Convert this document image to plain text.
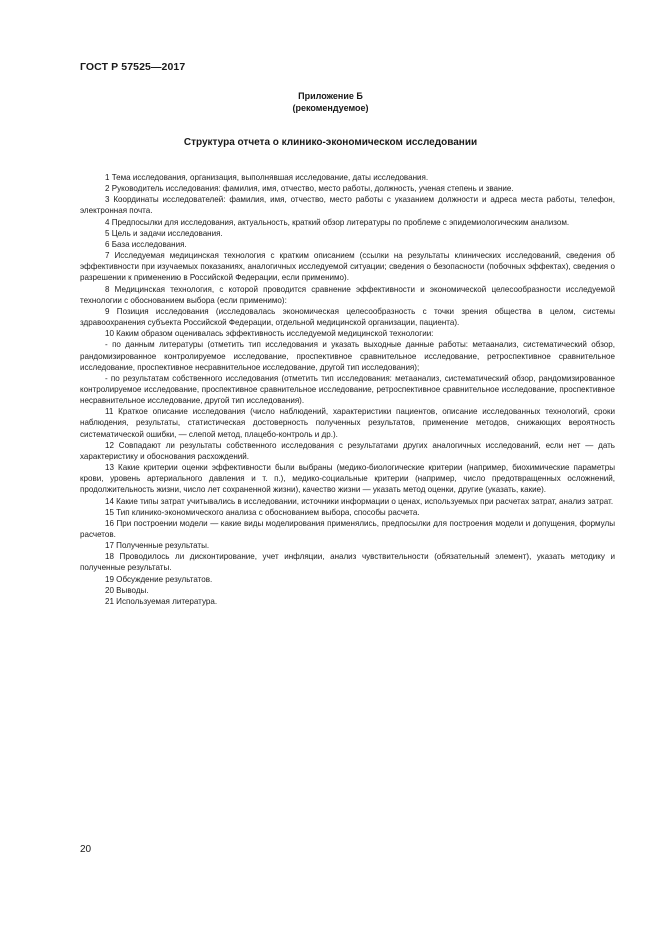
ГОСТ Р 57525—2017
Приложение Б
(рекомендуемое)
Структура отчета о клинико-экономическом исследовании

1 Тема исследования, организация, выполнявшая исследование, даты исследования.

2 Руководитель исследования: фамилия, имя, отчество, место работы, должность, ученая степень и звание.

3 Координаты исследователей: фамилия, имя, отчество, место работы с указанием должности и адреса места работы, телефон, электронная почта.

4 Предпосылки для исследования, актуальность, краткий обзор литературы по проблеме с эпидемиологическим анализом.

5 Цель и задачи исследования.

6 База исследования.

7 Исследуемая медицинская технология с кратким описанием (ссылки на результаты клинических исследований, сведения об эффективности при изучаемых показаниях, аналогичных исследуемой ситуации; сведения о безопасности (побочных эффектах), сведения о разрешении к применению в Российской Федерации, если применимо).

8 Медицинская технология, с которой проводится сравнение эффективности и экономической целесообразности исследуемой технологии с обоснованием выбора (если применимо):

9 Позиция исследования (исследовалась экономическая целесообразность с точки зрения общества в целом, системы здравоохранения субъекта Российской Федерации, отдельной медицинской организации, пациента).

10 Каким образом оценивалась эффективность исследуемой медицинской технологии:

- по данным литературы (отметить тип исследования и указать выходные данные работы: метаанализ, систематический обзор, рандомизированное контролируемое исследование, проспективное сравнительное исследование, ретроспективное сравнительное исследование, проспективное несравнительное исследование, другой тип исследования);

- по результатам собственного исследования (отметить тип исследования: метаанализ, систематический обзор, рандомизированное контролируемое исследование, проспективное сравнительное исследование, ретроспективное сравнительное исследование, проспективное несравнительное исследование, другой тип исследования).

11 Краткое описание исследования (число наблюдений, характеристики пациентов, описание исследованных технологий, сроки наблюдения, результаты, статистическая достоверность полученных результатов, применение методов, снижающих вероятность систематической ошибки, — слепой метод, плацебо-контроль и др.).

12 Совпадают ли результаты собственного исследования с результатами других аналогичных исследований, если нет — дать характеристику и обоснования расхождений.

13 Какие критерии оценки эффективности были выбраны (медико-биологические критерии (например, биохимические параметры крови, уровень артериального давления и т. п.), медико-социальные критерии (например, число предотвращенных осложнений, продолжительность жизни, число лет сохраненной жизни), качество жизни — указать метод оценки, другие (указать, какие).

14 Какие типы затрат учитывались в исследовании, источники информации о ценах, используемых при расчетах затрат, анализ затрат.

15 Тип клинико-экономического анализа с обоснованием выбора, способы расчета.

16 При построении модели — какие виды моделирования применялись, предпосылки для построения модели и допущения, формулы расчетов.

17 Полученные результаты.

18 Проводилось ли дисконтирование, учет инфляции, анализ чувствительности (обязательный элемент), указать методику и полученные результаты.

19 Обсуждение результатов.

20 Выводы.

21 Используемая литература.

20
